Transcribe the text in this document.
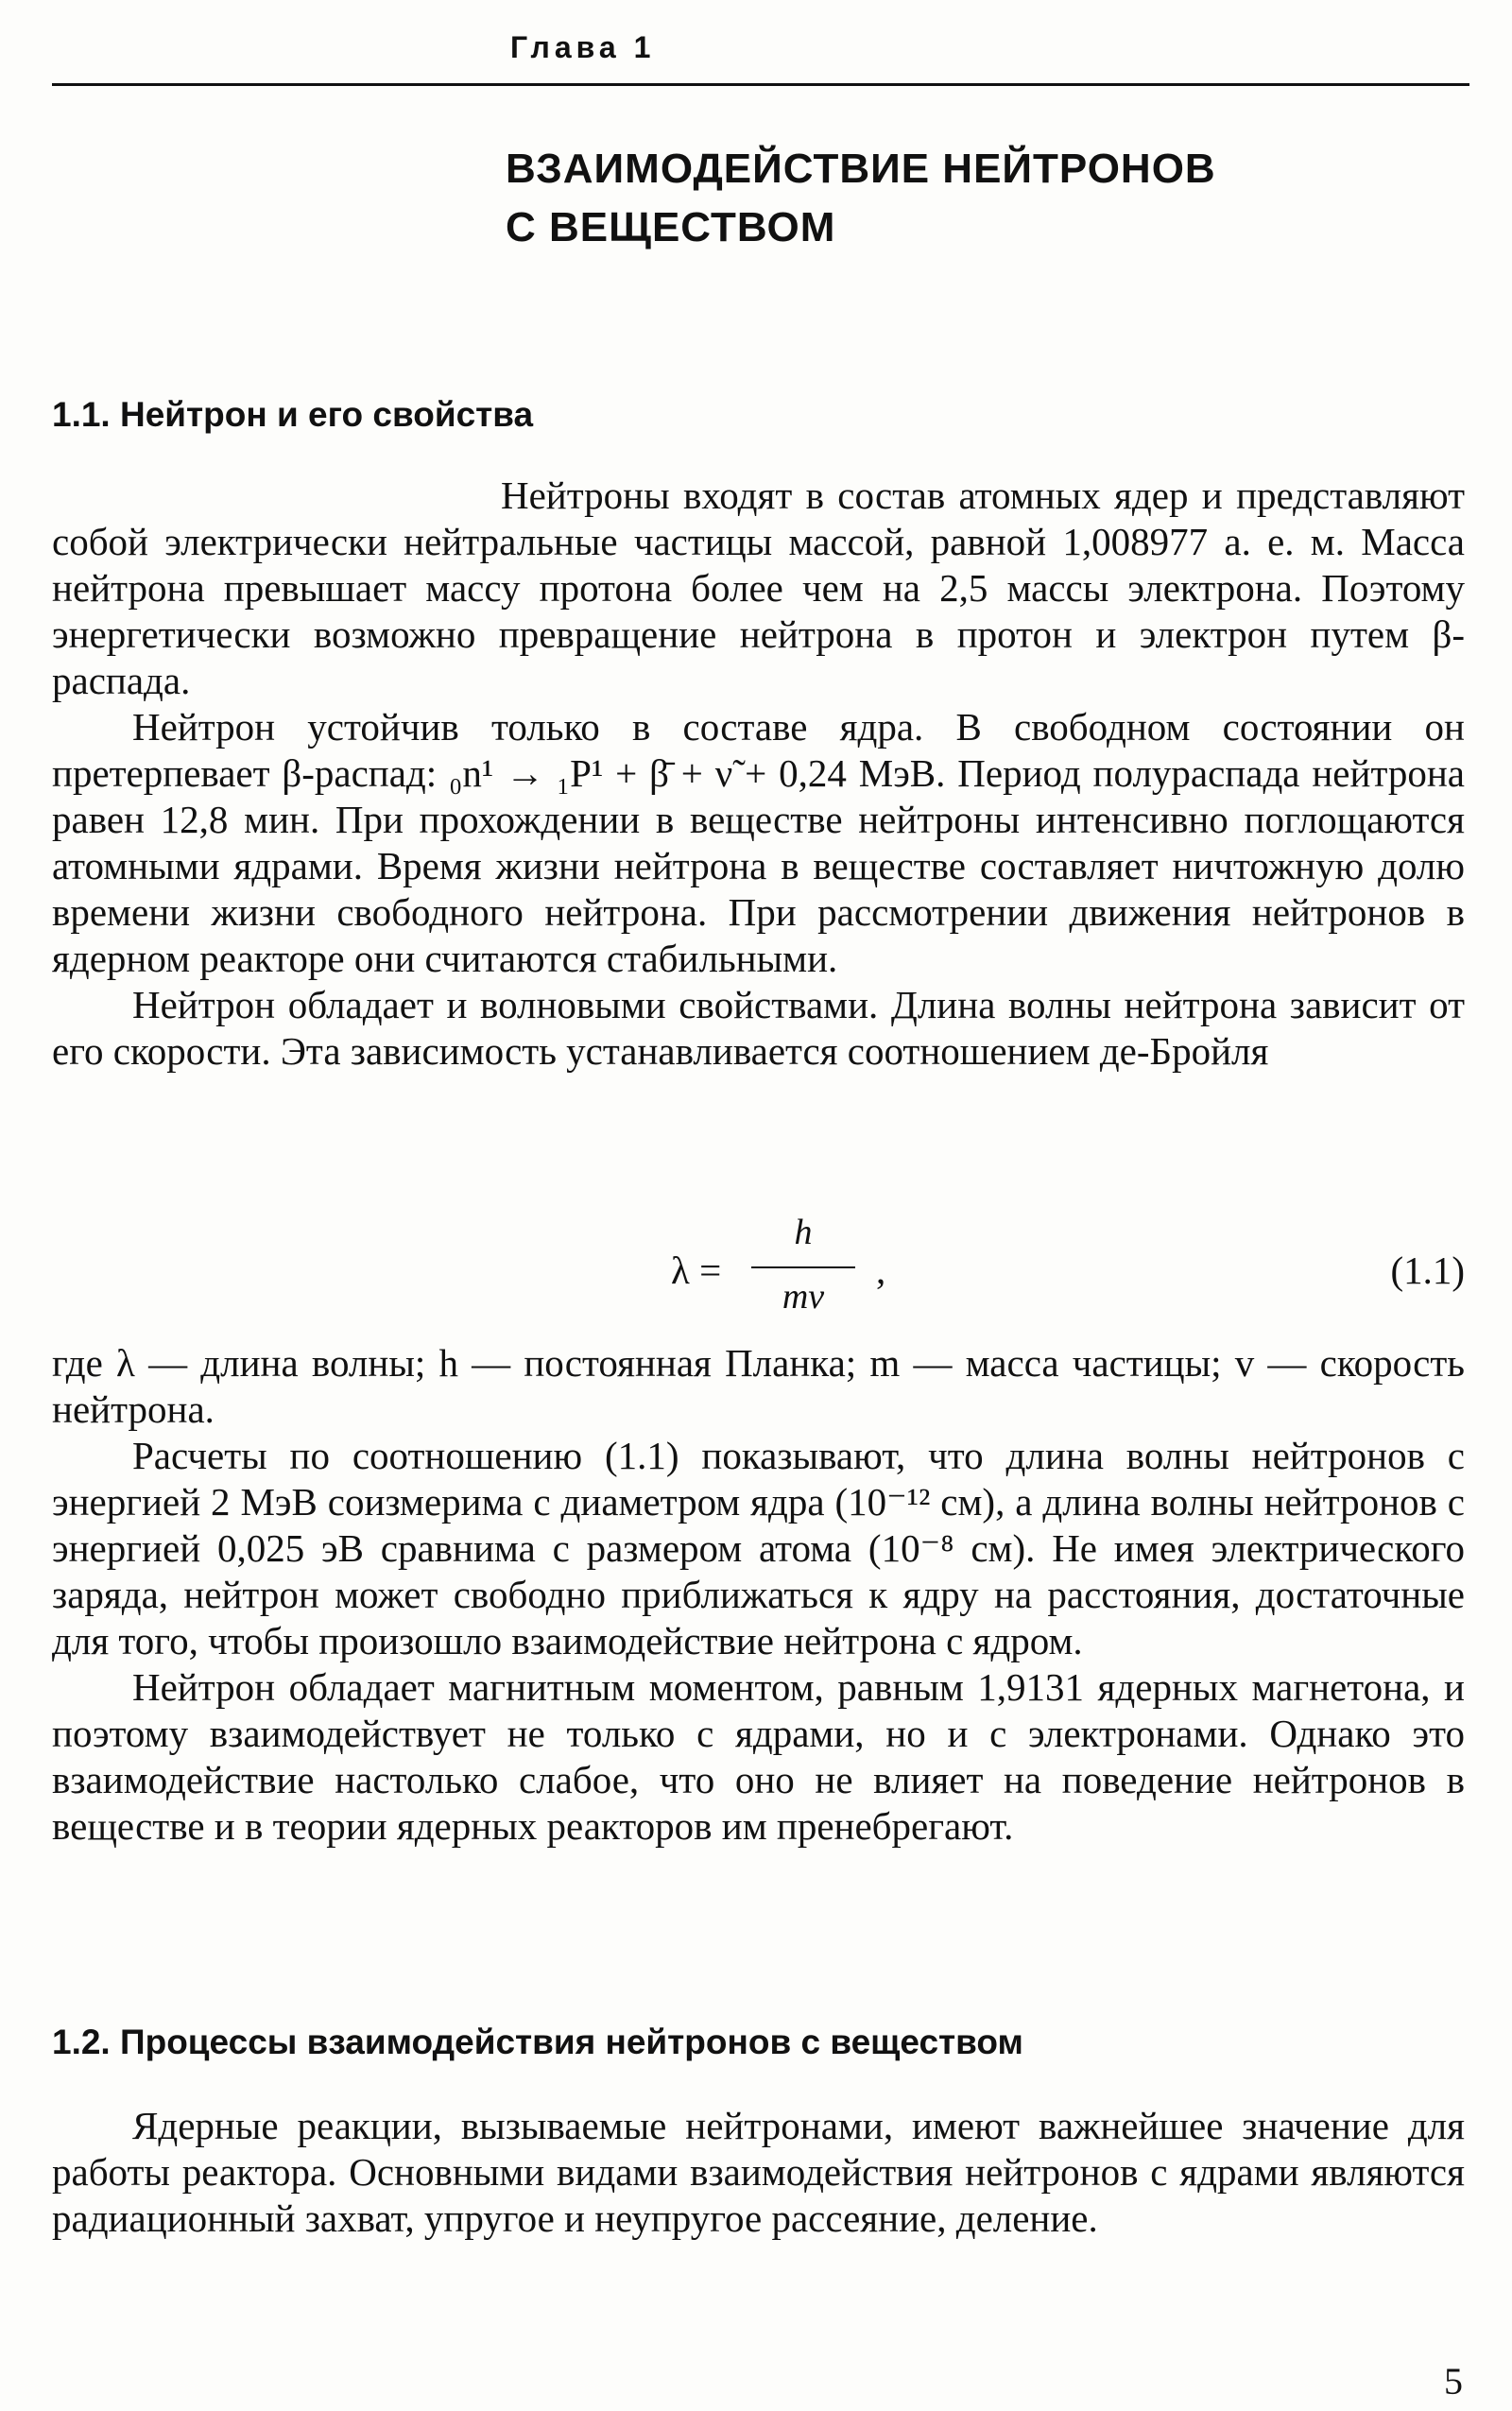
Глава 1
ВЗАИМОДЕЙСТВИЕ НЕЙТРОНОВ
С ВЕЩЕСТВОМ
1.1. Нейтрон и его свойства

Нейтроны входят в состав атомных ядер и представляют собой электрически нейтральные частицы массой, равной 1,008977 а. е. м. Масса нейтрона превышает массу протона более чем на 2,5 массы электрона. Поэтому энергетически возможно превращение нейтрона в протон и электрон путем β-распада.

Нейтрон устойчив только в составе ядра. В свободном состоянии он претерпевает β-распад: ₀n¹ → ₁P¹ + β̄ + ν̃ + 0,24 МэВ. Период полураспада нейтрона равен 12,8 мин. При прохождении в веществе нейтроны интенсивно поглощаются атомными ядрами. Время жизни нейтрона в веществе составляет ничтожную долю времени жизни свободного нейтрона. При рассмотрении движения нейтронов в ядерном реакторе они считаются стабильными.

Нейтрон обладает и волновыми свойствами. Длина волны нейтрона зависит от его скорости. Эта зависимость устанавливается соотношением де-Бройля

λ =
h
mv
,	(1.1)

где λ — длина волны; h — постоянная Планка; m — масса частицы; v — скорость нейтрона.

Расчеты по соотношению (1.1) показывают, что длина волны нейтронов с энергией 2 МэВ соизмерима с диаметром ядра (10⁻¹² см), а длина волны нейтронов с энергией 0,025 эВ сравнима с размером атома (10⁻⁸ см). Не имея электрического заряда, нейтрон может свободно приближаться к ядру на расстояния, достаточные для того, чтобы произошло взаимодействие нейтрона с ядром.

Нейтрон обладает магнитным моментом, равным 1,9131 ядерных магнетона, и поэтому взаимодействует не только с ядрами, но и с электронами. Однако это взаимодействие настолько слабое, что оно не влияет на поведение нейтронов в веществе и в теории ядерных реакторов им пренебрегают.

1.2. Процессы взаимодействия нейтронов с веществом

Ядерные реакции, вызываемые нейтронами, имеют важнейшее значение для работы реактора. Основными видами взаимодействия нейтронов с ядрами являются радиационный захват, упругое и неупругое рассеяние, деление.

5
